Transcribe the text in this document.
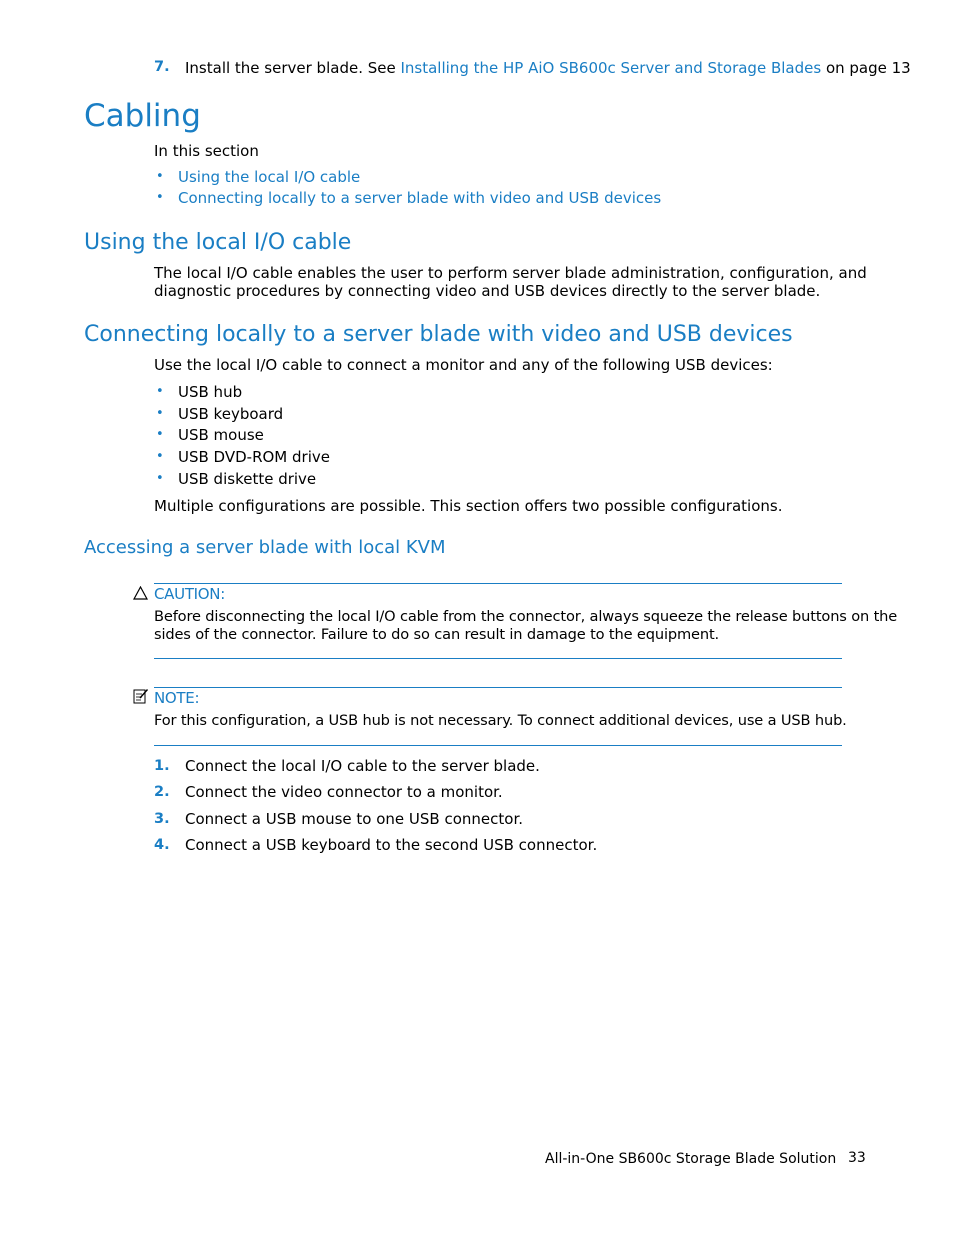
7. Install the server blade. See Installing the HP AiO SB600c Server and Storage Blades on page 13
Cabling
In this section
• Using the local I/O cable
• Connecting locally to a server blade with video and USB devices
Using the local I/O cable
The local I/O cable enables the user to perform server blade administration, configuration, and
diagnostic procedures by connecting video and USB devices directly to the server blade.
Connecting locally to a server blade with video and USB devices
Use the local I/O cable to connect a monitor and any of the following USB devices:
• USB hub
• USB keyboard
• USB mouse
• USB DVD-ROM drive
• USB diskette drive
Multiple configurations are possible. This section offers two possible configurations.
Accessing a server blade with local KVM
CAUTION:
Before disconnecting the local I/O cable from the connector, always squeeze the release buttons on the
sides of the connector. Failure to do so can result in damage to the equipment.
NOTE:
For this configuration, a USB hub is not necessary. To connect additional devices, use a USB hub.
1. Connect the local I/O cable to the server blade.
2. Connect the video connector to a monitor.
3. Connect a USB mouse to one USB connector.
4. Connect a USB keyboard to the second USB connector.
All-in-One SB600c Storage Blade Solution 33
